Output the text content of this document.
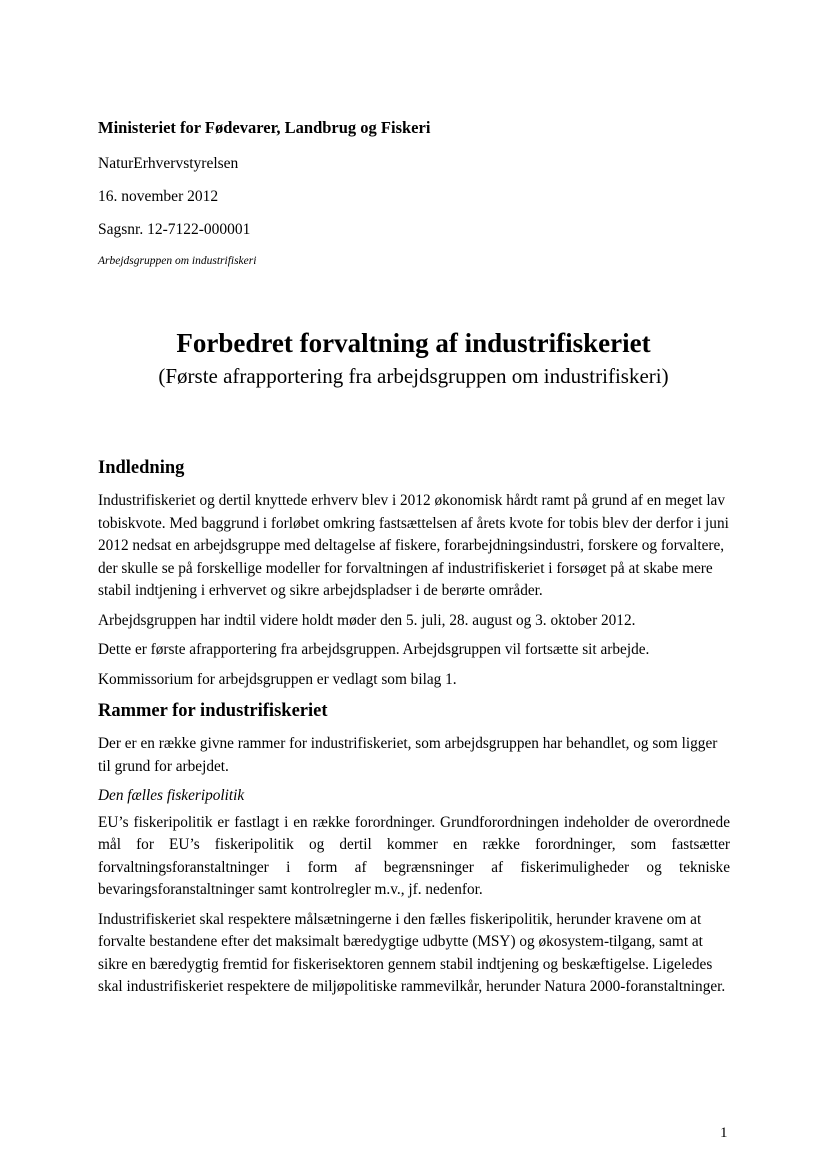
Ministeriet for Fødevarer, Landbrug og Fiskeri

NaturErhvervstyrelsen

16. november 2012

Sagsnr. 12-7122-000001

Arbejdsgruppen om industrifiskeri

Forbedret forvaltning af industrifiskeriet

(Første afrapportering fra arbejdsgruppen om industrifiskeri)

Indledning

Industrifiskeriet og dertil knyttede erhverv blev i 2012 økonomisk hårdt ramt på grund af en meget lav tobiskvote. Med baggrund i forløbet omkring fastsættelsen af årets kvote for tobis blev der derfor i juni 2012 nedsat en arbejdsgruppe med deltagelse af fiskere, forarbejdningsindustri, forskere og forvaltere, der skulle se på forskellige modeller for forvaltningen af industrifiskeriet i forsøget på at skabe mere stabil indtjening i erhvervet og sikre arbejdspladser i de berørte områder.

Arbejdsgruppen har indtil videre holdt møder den 5. juli, 28. august og 3. oktober 2012.

Dette er første afrapportering fra arbejdsgruppen. Arbejdsgruppen vil fortsætte sit arbejde.

Kommissorium for arbejdsgruppen er vedlagt som bilag 1.

Rammer for industrifiskeriet

Der er en række givne rammer for industrifiskeriet, som arbejdsgruppen har behandlet, og som ligger til grund for arbejdet.

Den fælles fiskeripolitik

EU’s fiskeripolitik er fastlagt i en række forordninger. Grundforordningen indeholder de overordnede mål for EU’s fiskeripolitik og dertil kommer en række forordninger, som fastsætter forvaltningsforanstaltninger i form af begrænsninger af fiskerimuligheder og tekniske bevaringsforanstaltninger samt kontrolregler m.v., jf. nedenfor.

Industrifiskeriet skal respektere målsætningerne i den fælles fiskeripolitik, herunder kravene om at forvalte bestandene efter det maksimalt bæredygtige udbytte (MSY) og økosystem-tilgang, samt at sikre en bæredygtig fremtid for fiskerisektoren gennem stabil indtjening og beskæftigelse. Ligeledes skal industrifiskeriet respektere de miljøpolitiske rammevilkår, herunder Natura 2000-foranstaltninger.

1
